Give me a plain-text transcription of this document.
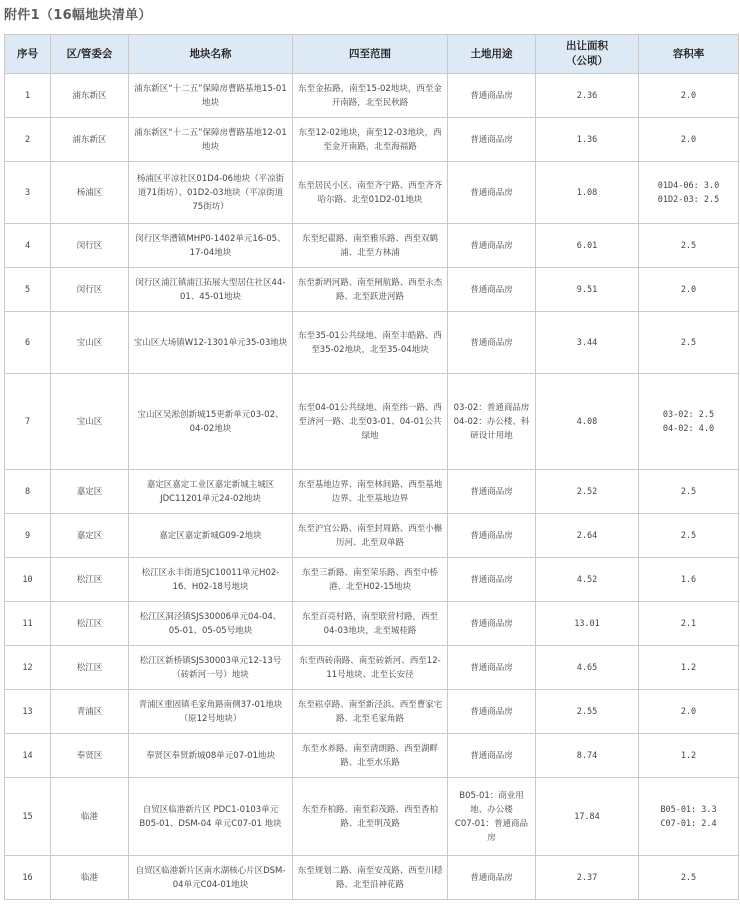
附件1（16幅地块清单）
序号	区/管委会	地块名称	四至范围	土地用途	出让面积
（公顷）	容积率
1	浦东新区	浦东新区“十二五”保障房曹路基地15-01地块	东至金拓路，南至15-02地块，西至金开南路，北至民秋路	普通商品房	2.36	2.0

2	浦东新区	浦东新区“十二五”保障房曹路基地12-01地块	东至12-02地块，南至12-03地块，西至金开南路，北至海福路	普通商品房	1.36	2.0

3	杨浦区	杨浦区平凉社区01D4-06地块（平凉街道71街坊）、01D2-03地块（平凉街道75街坊）	东至居民小区、南至齐宁路、西至齐齐哈尔路、北至01D2-01地块	普通商品房	1.08	01D4-06: 3.0
01D2-03: 2.5

4	闵行区	闵行区华漕镇MHP0-1402单元16-05、17-04地块	东至纪翟路、南至雅乐路、西至双鹤浦、北至方林浦	普通商品房	6.01	2.5

5	闵行区	闵行区浦江镇浦江拓展大型居住社区44-01、45-01地块	东至新坍河路、南至闸航路、西至永杰路、北至跃进河路	普通商品房	9.51	2.0

6	宝山区	宝山区大场镇W12-1301单元35-03地块	东至35-01公共绿地、南至丰皓路、西至35-02地块，北至35-04地块	普通商品房	3.44	2.5

7	宝山区	宝山区吴淞创新城15更新单元03-02、04-02地块	东至04-01公共绿地、南至纬一路、西至济河一路、北至03-01、04-01公共绿地	03-02：普通商品房
04-02：办公楼、科研设计用地	4.08	03-02: 2.5
04-02: 4.0

8	嘉定区	嘉定区嘉定工业区嘉定新城主城区JDC11201单元24-02地块	东至基地边界、南至林间路、西至基地边界、北至基地边界	普通商品房	2.52	2.5

9	嘉定区	嘉定区嘉定新城G09-2地块	东至沪宜公路、南至封周路、西至小槲历河、北至双单路	普通商品房	2.64	2.5

10	松江区	松江区永丰街道SJC10011单元H02-16、H02-18号地块	东至三新路、南至荣乐路、西至中桥港、北至H02-15地块	普通商品房	4.52	1.6

11	松江区	松江区洞泾镇SJS30006单元04-04、05-01、05-05号地块	东至百亮村路，南至联营村路，西至04-03地块，北至城桂路	普通商品房	13.01	2.1

12	松江区	松江区新桥镇SJS30003单元12-13号（砖新河一号）地块	东至西砖南路、南至砖新河、西至12-11号地块、北至长安径	普通商品房	4.65	1.2

13	青浦区	青浦区重固镇毛家角路南侧37-01地块（原12号地块）	东至崧卓路、南至新泾浜、西至曹家宅路、北至毛家角路	普通商品房	2.55	2.0

14	奉贤区	奉贤区奉贤新城08单元07-01地块	东至水养路、南至清朗路、西至湖畔路、北至水乐路	普通商品房	8.74	1.2

15	临港	自贸区临港新片区 PDC1-0103单元 B05-01、DSM-04 单元C07-01 地块	东至乔柏路、南至彩茂路、西至香柏路、北至明茂路	B05-01：商业用地、办公楼
C07-01：普通商品房	17.84	B05-01: 3.3
C07-01: 2.4

16	临港	自贸区临港新片区南水湖核心片区DSM-04单元C04-01地块	东至规划二路、南至安茂路、西至川穏路、北至沿神花路	普通商品房	2.37	2.5
